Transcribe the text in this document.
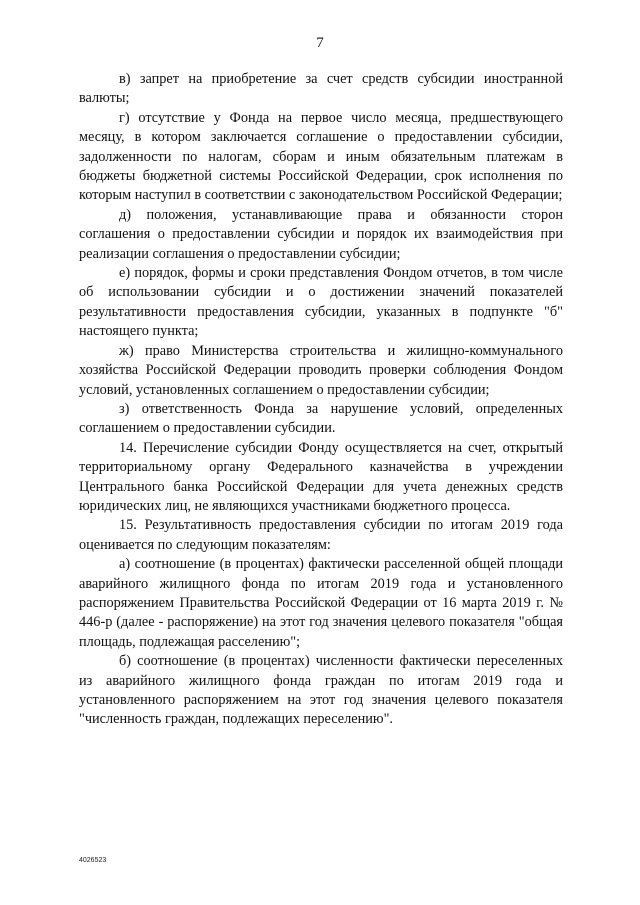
7

в) запрет на приобретение за счет средств субсидии иностранной валюты;

г) отсутствие у Фонда на первое число месяца, предшествующего месяцу, в котором заключается соглашение о предоставлении субсидии, задолженности по налогам, сборам и иным обязательным платежам в бюджеты бюджетной системы Российской Федерации, срок исполнения по которым наступил в соответствии с законодательством Российской Федерации;

д) положения, устанавливающие права и обязанности сторон соглашения о предоставлении субсидии и порядок их взаимодействия при реализации соглашения о предоставлении субсидии;

е) порядок, формы и сроки представления Фондом отчетов, в том числе об использовании субсидии и о достижении значений показателей результативности предоставления субсидии, указанных в подпункте "б" настоящего пункта;

ж) право Министерства строительства и жилищно-коммунального хозяйства Российской Федерации проводить проверки соблюдения Фондом условий, установленных соглашением о предоставлении субсидии;

з) ответственность Фонда за нарушение условий, определенных соглашением о предоставлении субсидии.

14. Перечисление субсидии Фонду осуществляется на счет, открытый территориальному органу Федерального казначейства в учреждении Центрального банка Российской Федерации для учета денежных средств юридических лиц, не являющихся участниками бюджетного процесса.

15. Результативность предоставления субсидии по итогам 2019 года оценивается по следующим показателям:

а) соотношение (в процентах) фактически расселенной общей площади аварийного жилищного фонда по итогам 2019 года и установленного распоряжением Правительства Российской Федерации от 16 марта 2019 г. № 446-р (далее - распоряжение) на этот год значения целевого показателя "общая площадь, подлежащая расселению";

б) соотношение (в процентах) численности фактически переселенных из аварийного жилищного фонда граждан по итогам 2019 года и установленного распоряжением на этот год значения целевого показателя "численность граждан, подлежащих переселению".

4026523
